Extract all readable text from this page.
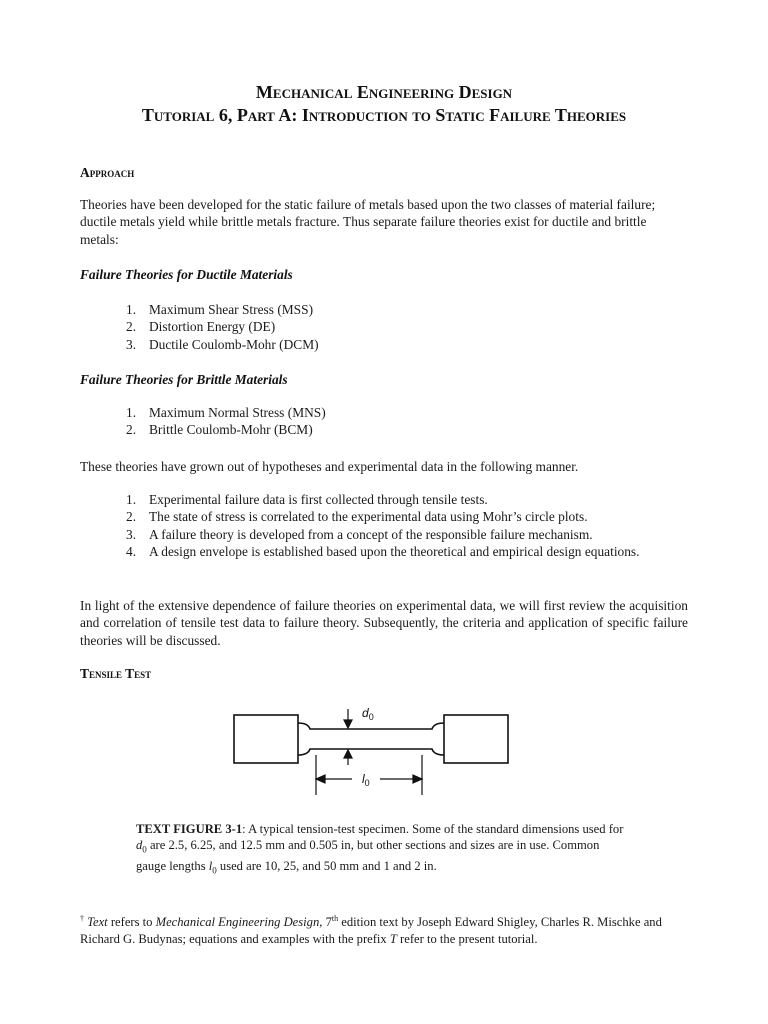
Mechanical Engineering Design
Tutorial 6, Part A: Introduction to Static Failure Theories
Approach
Theories have been developed for the static failure of metals based upon the two classes of material failure; ductile metals yield while brittle metals fracture. Thus separate failure theories exist for ductile and brittle metals:
Failure Theories for Ductile Materials
1. Maximum Shear Stress (MSS)
2. Distortion Energy (DE)
3. Ductile Coulomb-Mohr (DCM)
Failure Theories for Brittle Materials
1. Maximum Normal Stress (MNS)
2. Brittle Coulomb-Mohr (BCM)
These theories have grown out of hypotheses and experimental data in the following manner.
1. Experimental failure data is first collected through tensile tests.
2. The state of stress is correlated to the experimental data using Mohr’s circle plots.
3. A failure theory is developed from a concept of the responsible failure mechanism.
4. A design envelope is established based upon the theoretical and empirical design equations.
In light of the extensive dependence of failure theories on experimental data, we will first review the acquisition and correlation of tensile test data to failure theory. Subsequently, the criteria and application of specific failure theories will be discussed.
Tensile Test
$d_0$
$l_0$
TEXT FIGURE 3-1: A typical tension-test specimen. Some of the standard dimensions used for $d_0$ are 2.5, 6.25, and 12.5 mm and 0.505 in, but other sections and sizes are in use. Common gauge lengths $l_0$ used are 10, 25, and 50 mm and 1 and 2 in.
† Text refers to Mechanical Engineering Design, 7th edition text by Joseph Edward Shigley, Charles R. Mischke and Richard G. Budynas; equations and examples with the prefix T refer to the present tutorial.
